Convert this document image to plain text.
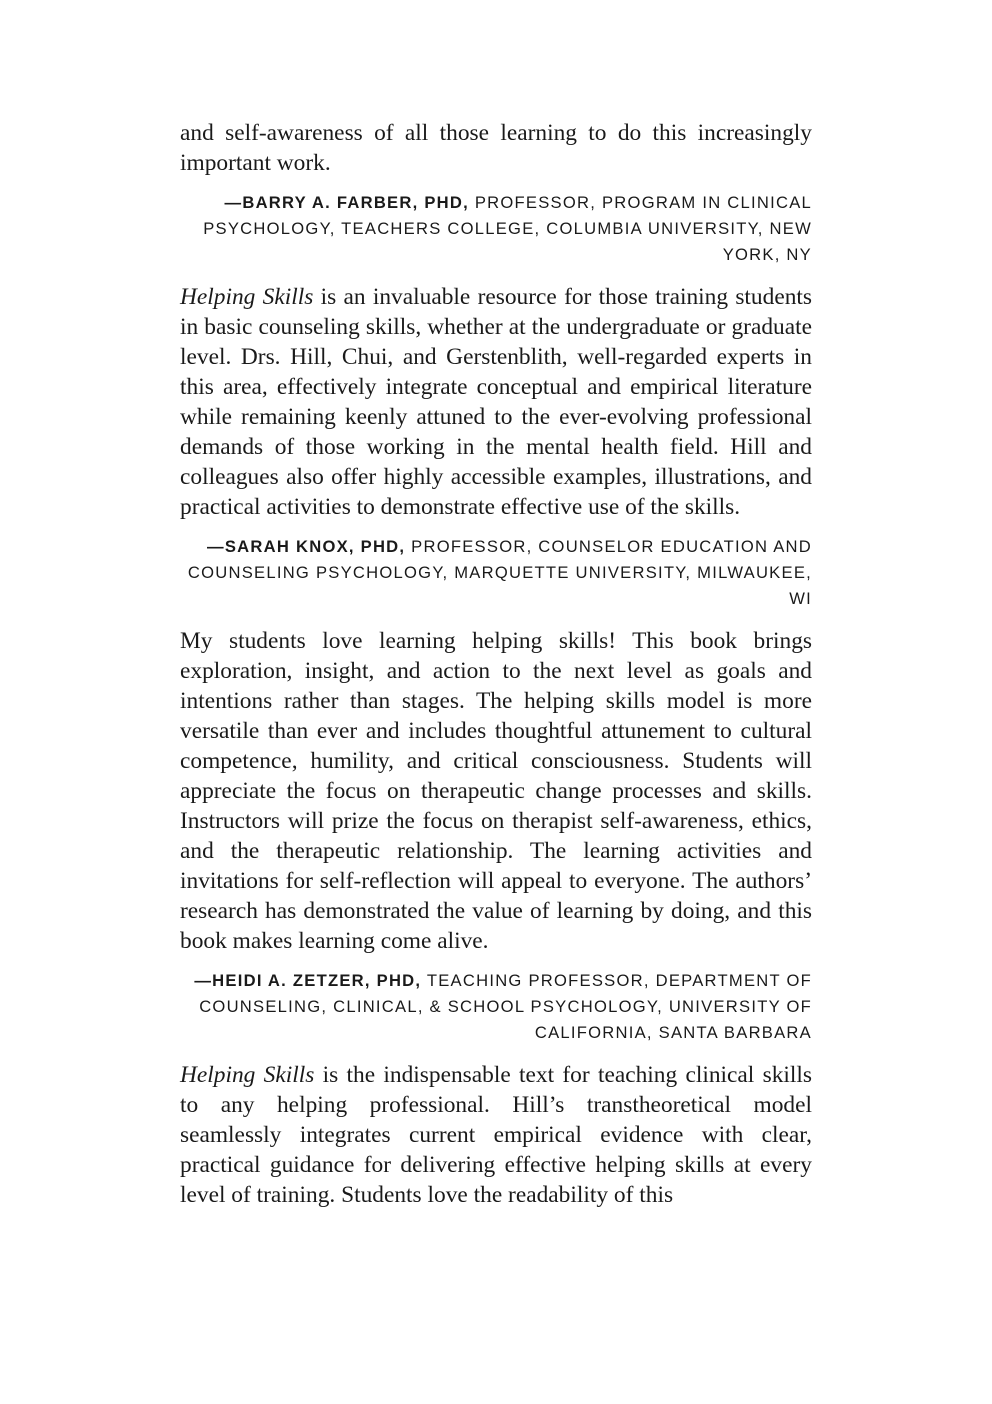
and self-awareness of all those learning to do this increasingly important work.

—BARRY A. FARBER, PHD, PROFESSOR, PROGRAM IN CLINICAL PSYCHOLOGY, TEACHERS COLLEGE, COLUMBIA UNIVERSITY, NEW YORK, NY

Helping Skills is an invaluable resource for those training students in basic counseling skills, whether at the undergraduate or graduate level. Drs. Hill, Chui, and Gerstenblith, well-regarded experts in this area, effectively integrate conceptual and empirical literature while remaining keenly attuned to the ever-evolving professional demands of those working in the mental health field. Hill and colleagues also offer highly accessible examples, illustrations, and practical activities to demonstrate effective use of the skills.

—SARAH KNOX, PHD, PROFESSOR, COUNSELOR EDUCATION AND COUNSELING PSYCHOLOGY, MARQUETTE UNIVERSITY, MILWAUKEE, WI

My students love learning helping skills! This book brings exploration, insight, and action to the next level as goals and intentions rather than stages. The helping skills model is more versatile than ever and includes thoughtful attunement to cultural competence, humility, and critical consciousness. Students will appreciate the focus on therapeutic change processes and skills. Instructors will prize the focus on therapist self-awareness, ethics, and the therapeutic relationship. The learning activities and invitations for self-reflection will appeal to everyone. The authors’ research has demonstrated the value of learning by doing, and this book makes learning come alive.

—HEIDI A. ZETZER, PHD, TEACHING PROFESSOR, DEPARTMENT OF COUNSELING, CLINICAL, & SCHOOL PSYCHOLOGY, UNIVERSITY OF CALIFORNIA, SANTA BARBARA

Helping Skills is the indispensable text for teaching clinical skills to any helping professional. Hill’s transtheoretical model seamlessly integrates current empirical evidence with clear, practical guidance for delivering effective helping skills at every level of training. Students love the readability of this
